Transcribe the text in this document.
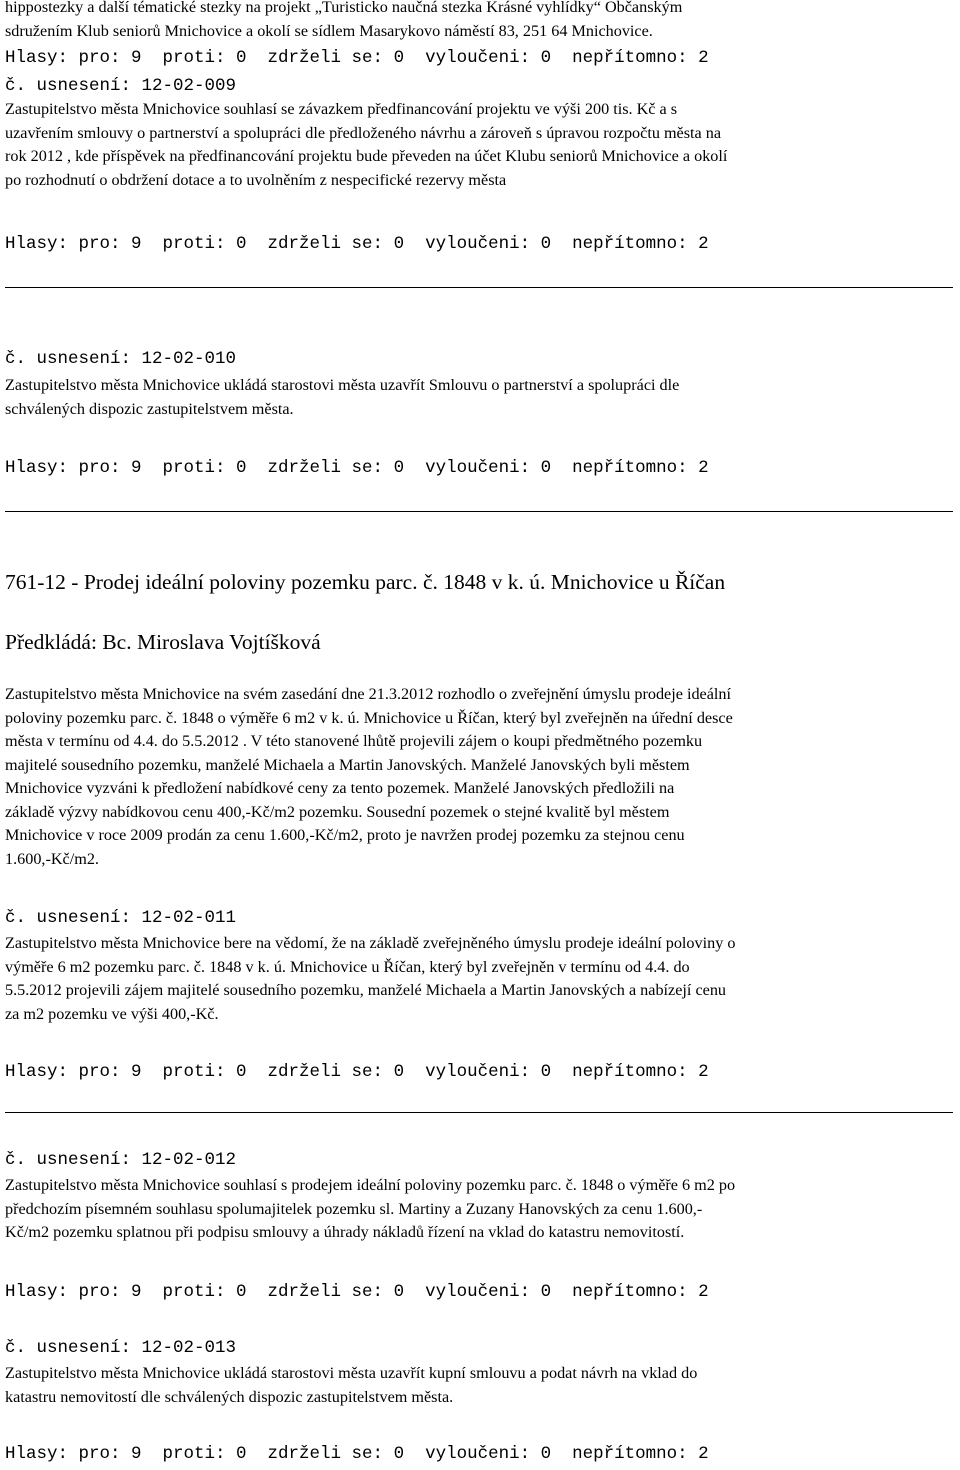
hippostezky a další tématické stezky na projekt „Turisticko naučná stezka Krásné vyhlídky“ Občanským
sdružením Klub seniorů Mnichovice a okolí se sídlem Masarykovo náměstí 83, 251 64 Mnichovice.

Hlasy: pro: 9  proti: 0  zdrželi se: 0  vyloučeni: 0  nepřítomno: 2
č. usnesení: 12-02-009

Zastupitelstvo města Mnichovice souhlasí se závazkem předfinancování projektu ve výši 200 tis. Kč a s
uzavřením smlouvy o partnerství a spolupráci dle předloženého návrhu a zároveň s úpravou rozpočtu města na
rok 2012 , kde příspěvek na předfinancování projektu bude převeden na účet Klubu seniorů Mnichovice a okolí
po rozhodnutí o obdržení dotace a to uvolněním z nespecifické rezervy města

Hlasy: pro: 9  proti: 0  zdrželi se: 0  vyloučeni: 0  nepřítomno: 2
č. usnesení: 12-02-010

Zastupitelstvo města Mnichovice ukládá starostovi města uzavřít Smlouvu o partnerství a spolupráci dle
schválených dispozic zastupitelstvem města.

Hlasy: pro: 9  proti: 0  zdrželi se: 0  vyloučeni: 0  nepřítomno: 2
761-12 - Prodej ideální poloviny pozemku parc. č. 1848 v k. ú. Mnichovice u Říčan
Předkládá: Bc. Miroslava Vojtíšková

Zastupitelstvo města Mnichovice na svém zasedání dne 21.3.2012 rozhodlo o zveřejnění úmyslu prodeje ideální
poloviny pozemku parc. č. 1848 o výměře 6 m2 v k. ú. Mnichovice u Říčan, který byl zveřejněn na úřední desce
města v termínu od 4.4. do 5.5.2012 . V této stanovené lhůtě projevili zájem o koupi předmětného pozemku
majitelé sousedního pozemku, manželé Michaela a Martin Janovských. Manželé Janovských byli městem
Mnichovice vyzváni k předložení nabídkové ceny za tento pozemek. Manželé Janovských předložili na
základě výzvy nabídkovou cenu 400,-Kč/m2 pozemku. Sousední pozemek o stejné kvalitě byl městem
Mnichovice v roce 2009 prodán za cenu 1.600,-Kč/m2, proto je navržen prodej pozemku za stejnou cenu
1.600,-Kč/m2.

č. usnesení: 12-02-011

Zastupitelstvo města Mnichovice bere na vědomí, že na základě zveřejněného úmyslu prodeje ideální poloviny o
výměře 6 m2 pozemku parc. č. 1848 v k. ú. Mnichovice u Říčan, který byl zveřejněn v termínu od 4.4. do
5.5.2012 projevili zájem majitelé sousedního pozemku, manželé Michaela a Martin Janovských a nabízejí cenu
za m2 pozemku ve výši 400,-Kč.

Hlasy: pro: 9  proti: 0  zdrželi se: 0  vyloučeni: 0  nepřítomno: 2
č. usnesení: 12-02-012

Zastupitelstvo města Mnichovice souhlasí s prodejem ideální poloviny pozemku parc. č. 1848 o výměře 6 m2 po
předchozím písemném souhlasu spolumajitelek pozemku sl. Martiny a Zuzany Hanovských za cenu 1.600,-
Kč/m2 pozemku splatnou při podpisu smlouvy a úhrady nákladů řízení na vklad do katastru nemovitostí.

Hlasy: pro: 9  proti: 0  zdrželi se: 0  vyloučeni: 0  nepřítomno: 2
č. usnesení: 12-02-013

Zastupitelstvo města Mnichovice ukládá starostovi města uzavřít kupní smlouvu a podat návrh na vklad do
katastru nemovitostí dle schválených dispozic zastupitelstvem města.

Hlasy: pro: 9  proti: 0  zdrželi se: 0  vyloučeni: 0  nepřítomno: 2
